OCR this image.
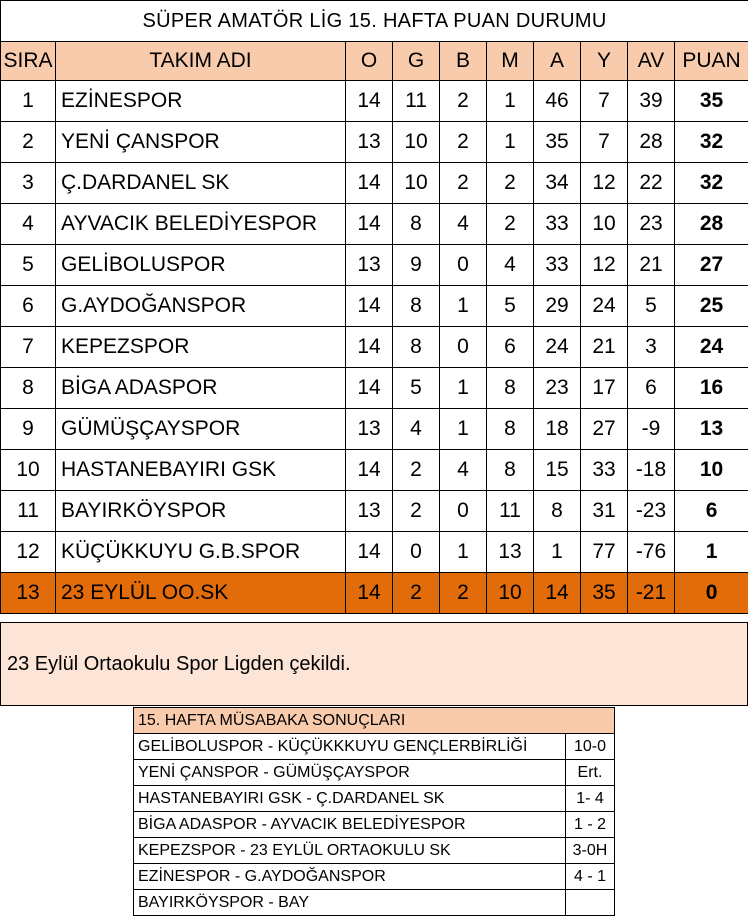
SÜPER AMATÖR LİG 15. HAFTA PUAN DURUMU									
SIRA	TAKIM ADI	O	G	B	M	A	Y	AV	PUAN
1	EZİNESPOR	14	11	2	1	46	7	39	35
2	YENİ ÇANSPOR	13	10	2	1	35	7	28	32
3	Ç.DARDANEL SK	14	10	2	2	34	12	22	32
4	AYVACIK BELEDİYESPOR	14	8	4	2	33	10	23	28
5	GELİBOLUSPOR	13	9	0	4	33	12	21	27
6	G.AYDOĞANSPOR	14	8	1	5	29	24	5	25
7	KEPEZSPOR	14	8	0	6	24	21	3	24
8	BİGA ADASPOR	14	5	1	8	23	17	6	16
9	GÜMÜŞÇAYSPOR	13	4	1	8	18	27	-9	13
10	HASTANEBAYIRI GSK	14	2	4	8	15	33	-18	10
11	BAYIRKÖYSPOR	13	2	0	11	8	31	-23	6
12	KÜÇÜKKUYU G.B.SPOR	14	0	1	13	1	77	-76	1
13	23 EYLÜL OO.SK	14	2	2	10	14	35	-21	0
23 Eylül Ortaokulu Spor Ligden çekildi.
15. HAFTA MÜSABAKA SONUÇLARI	
GELİBOLUSPOR - KÜÇÜKKKUYU GENÇLERBİRLİĞİ	10-0
YENİ ÇANSPOR - GÜMÜŞÇAYSPOR	Ert.
HASTANEBAYIRI GSK - Ç.DARDANEL SK	1- 4
BİGA ADASPOR - AYVACIK BELEDİYESPOR	1 - 2
KEPEZSPOR - 23 EYLÜL ORTAOKULU SK	3-0H
EZİNESPOR - G.AYDOĞANSPOR	4 - 1
BAYIRKÖYSPOR - BAY	
